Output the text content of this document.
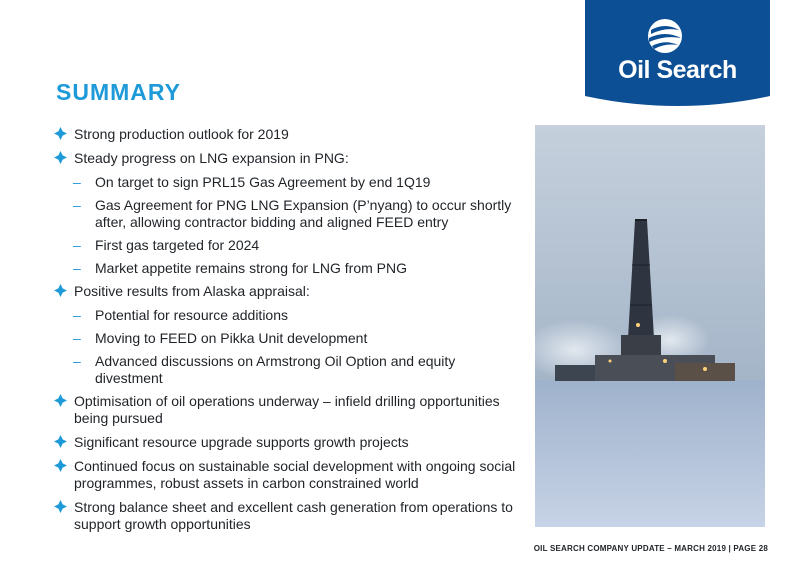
Oil Search
SUMMARY
Strong production outlook for 2019
Steady progress on LNG expansion in PNG:
– On target to sign PRL15 Gas Agreement by end 1Q19
– Gas Agreement for PNG LNG Expansion (P’nyang) to occur shortly after, allowing contractor bidding and aligned FEED entry
– First gas targeted for 2024
– Market appetite remains strong for LNG from PNG
Positive results from Alaska appraisal:
– Potential for resource additions
– Moving to FEED on Pikka Unit development
– Advanced discussions on Armstrong Oil Option and equity divestment
Optimisation of oil operations underway – infield drilling opportunities being pursued
Significant resource upgrade supports growth projects
Continued focus on sustainable social development with ongoing social programmes, robust assets in carbon constrained world
Strong balance sheet and excellent cash generation from operations to support growth opportunities
OIL SEARCH COMPANY UPDATE – MARCH 2019 | PAGE 28
